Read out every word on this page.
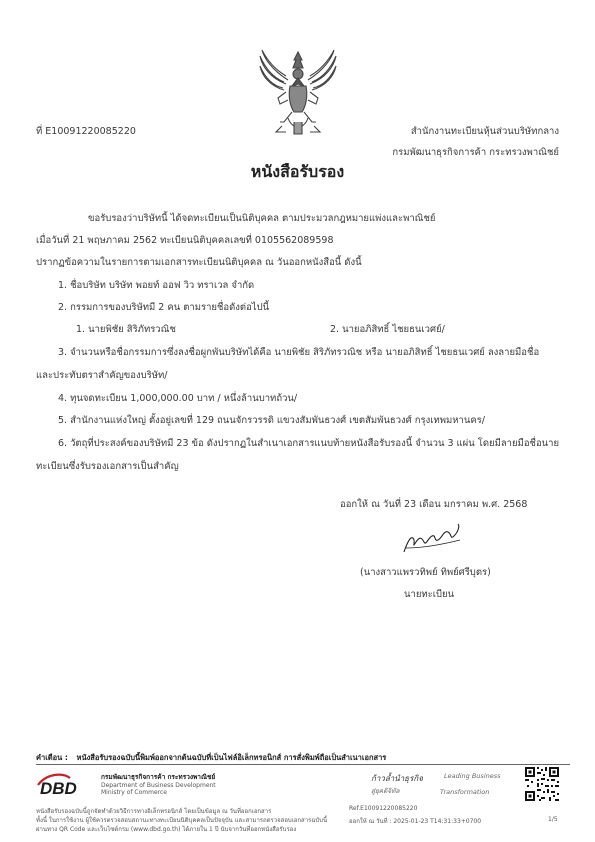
ที่ E10091220085220	สำนักงานทะเบียนหุ้นส่วนบริษัทกลาง
กรมพัฒนาธุรกิจการค้า กระทรวงพาณิชย์
หนังสือรับรอง
ขอรับรองว่าบริษัทนี้ ได้จดทะเบียนเป็นนิติบุคคล ตามประมวลกฎหมายแพ่งและพาณิชย์
เมื่อวันที่ 21 พฤษภาคม 2562 ทะเบียนนิติบุคคลเลขที่ 0105562089598
ปรากฏข้อความในรายการตามเอกสารทะเบียนนิติบุคคล ณ วันออกหนังสือนี้ ดังนี้
1. ชื่อบริษัท บริษัท พอยท์ ออฟ วิว ทราเวล จำกัด
2. กรรมการของบริษัทมี 2 คน ตามรายชื่อดังต่อไปนี้
1. นายพิชัย สิริภัทรวณิช	2. นายอภิสิทธิ์ ไชยธนเวศย์/
3. จำนวนหรือชื่อกรรมการซึ่งลงชื่อผูกพันบริษัทได้คือ นายพิชัย สิริภัทรวณิช หรือ นายอภิสิทธิ์ ไชยธนเวศย์ ลงลายมือชื่อ
และประทับตราสำคัญของบริษัท/
4. ทุนจดทะเบียน 1,000,000.00 บาท / หนึ่งล้านบาทถ้วน/
5. สำนักงานแห่งใหญ่ ตั้งอยู่เลขที่ 129 ถนนจักรวรรดิ แขวงสัมพันธวงศ์ เขตสัมพันธวงศ์ กรุงเทพมหานคร/
6. วัตถุที่ประสงค์ของบริษัทมี 23 ข้อ ดังปรากฏในสำเนาเอกสารแนบท้ายหนังสือรับรองนี้ จำนวน 3 แผ่น โดยมีลายมือชื่อนาย
ทะเบียนซึ่งรับรองเอกสารเป็นสำคัญ
ออกให้ ณ วันที่ 23 เดือน มกราคม พ.ศ. 2568
(นางสาวแพรวทิพย์ ทิพย์ศรีบุตร)
นายทะเบียน
คำเตือน : หนังสือรับรองฉบับนี้พิมพ์ออกจากต้นฉบับที่เป็นไฟล์อิเล็กทรอนิกส์ การสั่งพิมพ์ถือเป็นสำเนาเอกสาร
DBD
กรมพัฒนาธุรกิจการค้า กระทรวงพาณิชย์
Department of Business Development
Ministry of Commerce
ก้าวล้ำนำธุรกิจ
สู่ยุคดิจิทัล
Leading Business
Transformation
หนังสือรับรองฉบับนี้ถูกจัดทำด้วยวิธีการทางอิเล็กทรอนิกส์ โดยเป็นข้อมูล ณ วันที่ออกเอกสาร
ทั้งนี้ ในการใช้งาน ผู้ใช้ควรตรวจสอบสถานะทางทะเบียนนิติบุคคลเป็นปัจจุบัน และสามารถตรวจสอบเอกสารฉบับนี้
ผ่านทาง QR Code และเว็บไซต์กรม (www.dbd.go.th) ได้ภายใน 1 ปี นับจากวันที่ออกหนังสือรับรอง
Ref.E10091220085220
ออกให้ ณ วันที่ : 2025-01-23 T14:31:33+0700	1/5
